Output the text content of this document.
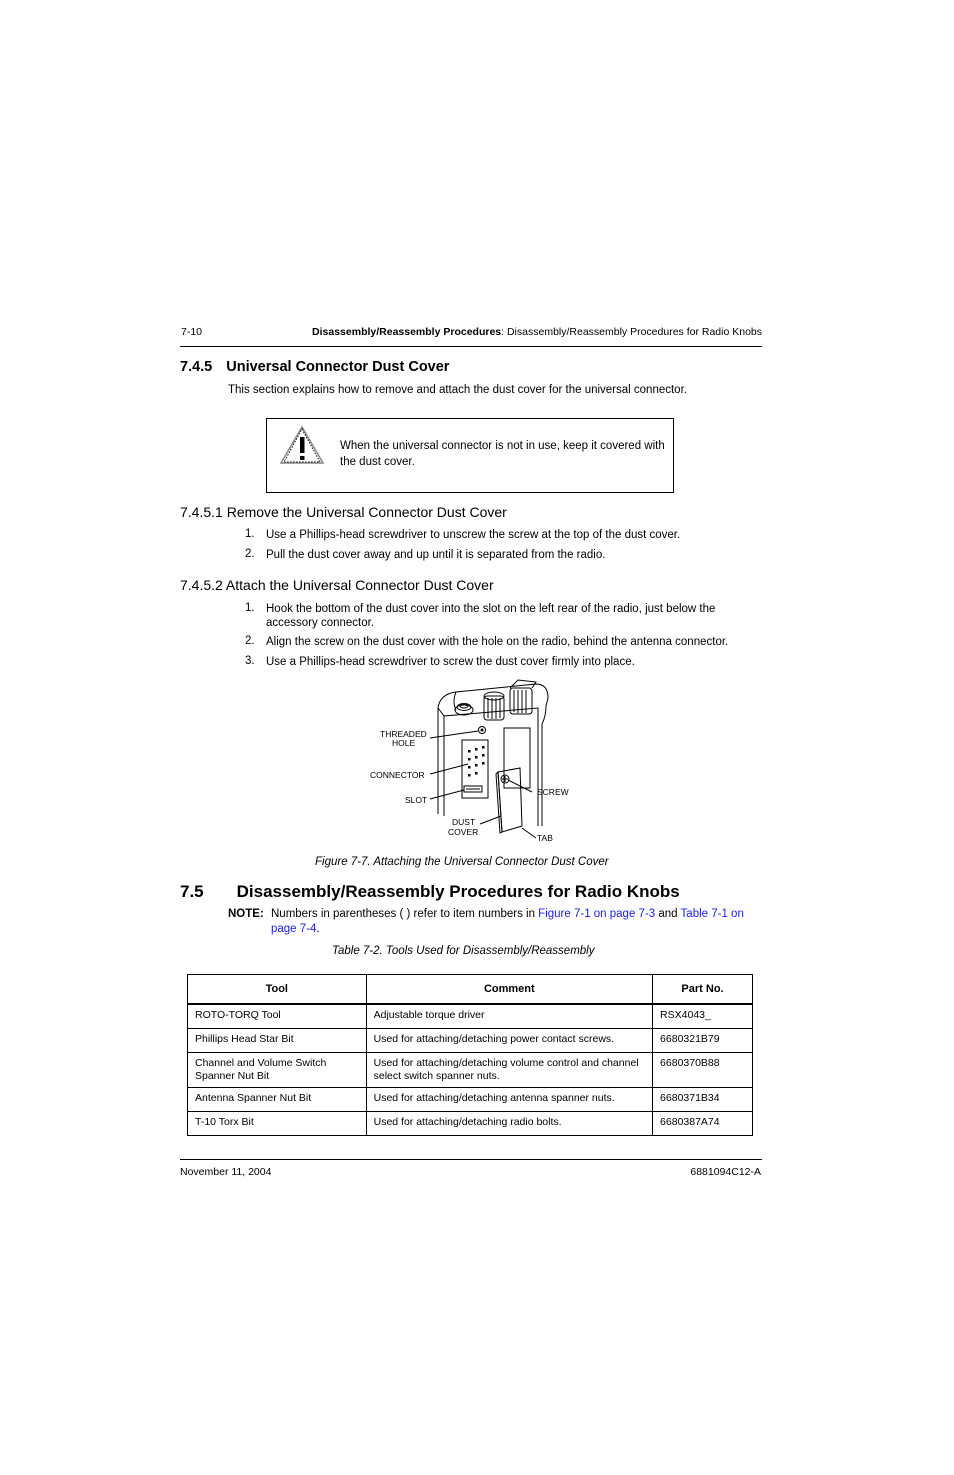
7-10	Disassembly/Reassembly Procedures: Disassembly/Reassembly Procedures for Radio Knobs
7.4.5 Universal Connector Dust Cover
This section explains how to remove and attach the dust cover for the universal connector.
When the universal connector is not in use, keep it covered with the dust cover.
7.4.5.1 Remove the Universal Connector Dust Cover
1. Use a Phillips-head screwdriver to unscrew the screw at the top of the dust cover.
2. Pull the dust cover away and up until it is separated from the radio.
7.4.5.2 Attach the Universal Connector Dust Cover
1. Hook the bottom of the dust cover into the slot on the left rear of the radio, just below the accessory connector.
2. Align the screw on the dust cover with the hole on the radio, behind the antenna connector.
3. Use a Phillips-head screwdriver to screw the dust cover firmly into place.
THREADED
HOLE
CONNECTOR
SLOT
DUST
COVER
SCREW
TAB
Figure 7-7. Attaching the Universal Connector Dust Cover
7.5 Disassembly/Reassembly Procedures for Radio Knobs
NOTE: Numbers in parentheses ( ) refer to item numbers in Figure 7-1 on page 7-3 and Table 7-1 on
page 7-4.
Table 7-2. Tools Used for Disassembly/Reassembly
Tool	Comment	Part No.
ROTO-TORQ Tool	Adjustable torque driver	RSX4043_
Phillips Head Star Bit	Used for attaching/detaching power contact screws.	6680321B79
Channel and Volume Switch Spanner Nut Bit	Used for attaching/detaching volume control and channel select switch spanner nuts.	6680370B88
Antenna Spanner Nut Bit	Used for attaching/detaching antenna spanner nuts.	6680371B34
T-10 Torx Bit	Used for attaching/detaching radio bolts.	6680387A74
November 11, 2004	6881094C12-A
